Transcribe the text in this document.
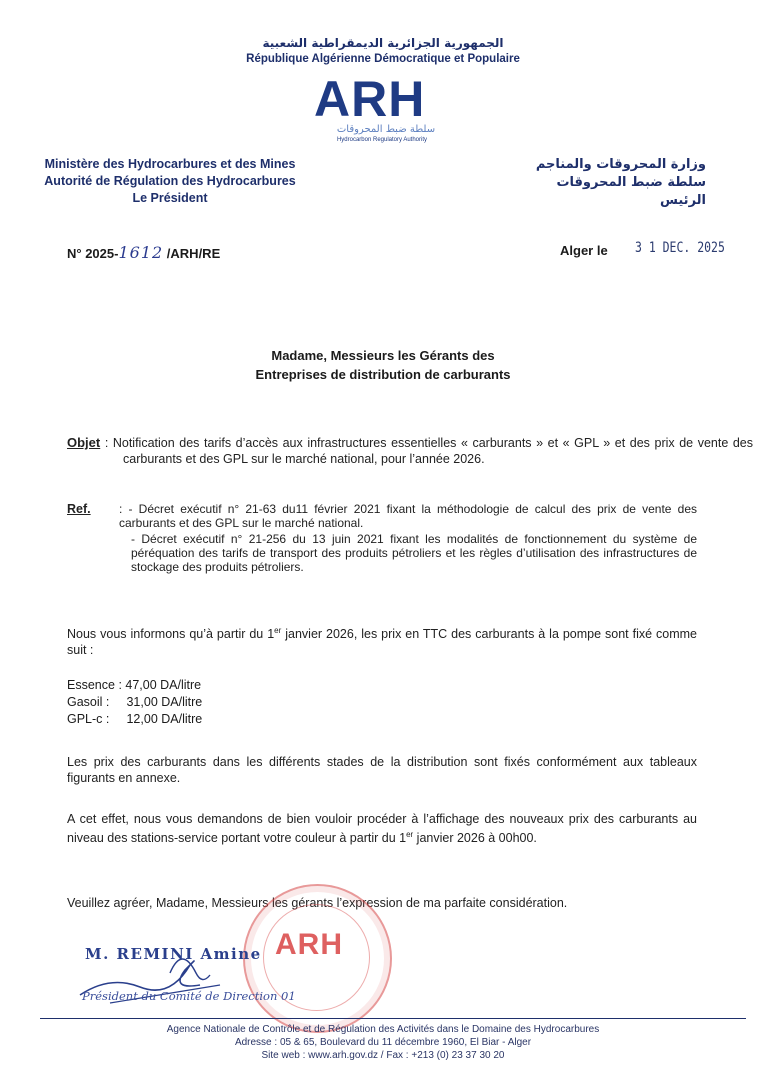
الجمهورية الجزائرية الديمقراطية الشعبية
République Algérienne Démocratique et Populaire
ARH
سلطة ضبط المحروقات
Hydrocarbon Regulatory Authority
Ministère des Hydrocarbures et des Mines
Autorité de Régulation des Hydrocarbures
Le Président
وزارة المحروقات والمناجم
سلطة ضبط المحروقات
الرئيس
N° 2025-1612 /ARH/RE	Alger le 3 1 DEC. 2025
Madame, Messieurs les Gérants des
Entreprises de distribution de carburants
Objet : Notification des tarifs d’accès aux infrastructures essentielles « carburants » et « GPL » et des prix de vente des carburants et des GPL sur le marché national, pour l’année 2026.
Ref. : - Décret exécutif n° 21-63 du11 février 2021 fixant la méthodologie de calcul des prix de vente des carburants et des GPL sur le marché national.
- Décret exécutif n° 21-256 du 13 juin 2021 fixant les modalités de fonctionnement du système de péréquation des tarifs de transport des produits pétroliers et les règles d’utilisation des infrastructures de stockage des produits pétroliers.
Nous vous informons qu’à partir du 1er janvier 2026, les prix en TTC des carburants à la pompe sont fixé comme suit :
Essence : 47,00 DA/litre
Gasoil : 31,00 DA/litre
GPL-c : 12,00 DA/litre
Les prix des carburants dans les différents stades de la distribution sont fixés conformément aux tableaux figurants en annexe.
A cet effet, nous vous demandons de bien vouloir procéder à l’affichage des nouveaux prix des carburants au niveau des stations-service portant votre couleur à partir du 1er janvier 2026 à 00h00.
Veuillez agréer, Madame, Messieurs les gérants l’expression de ma parfaite considération.
ARH
M. REMINI Amine
Président du Comité de Direction 01
Agence Nationale de Contrôle et de Régulation des Activités dans le Domaine des Hydrocarbures
Adresse : 05 & 65, Boulevard du 11 décembre 1960, El Biar - Alger
Site web : www.arh.gov.dz / Fax : +213 (0) 23 37 30 20
